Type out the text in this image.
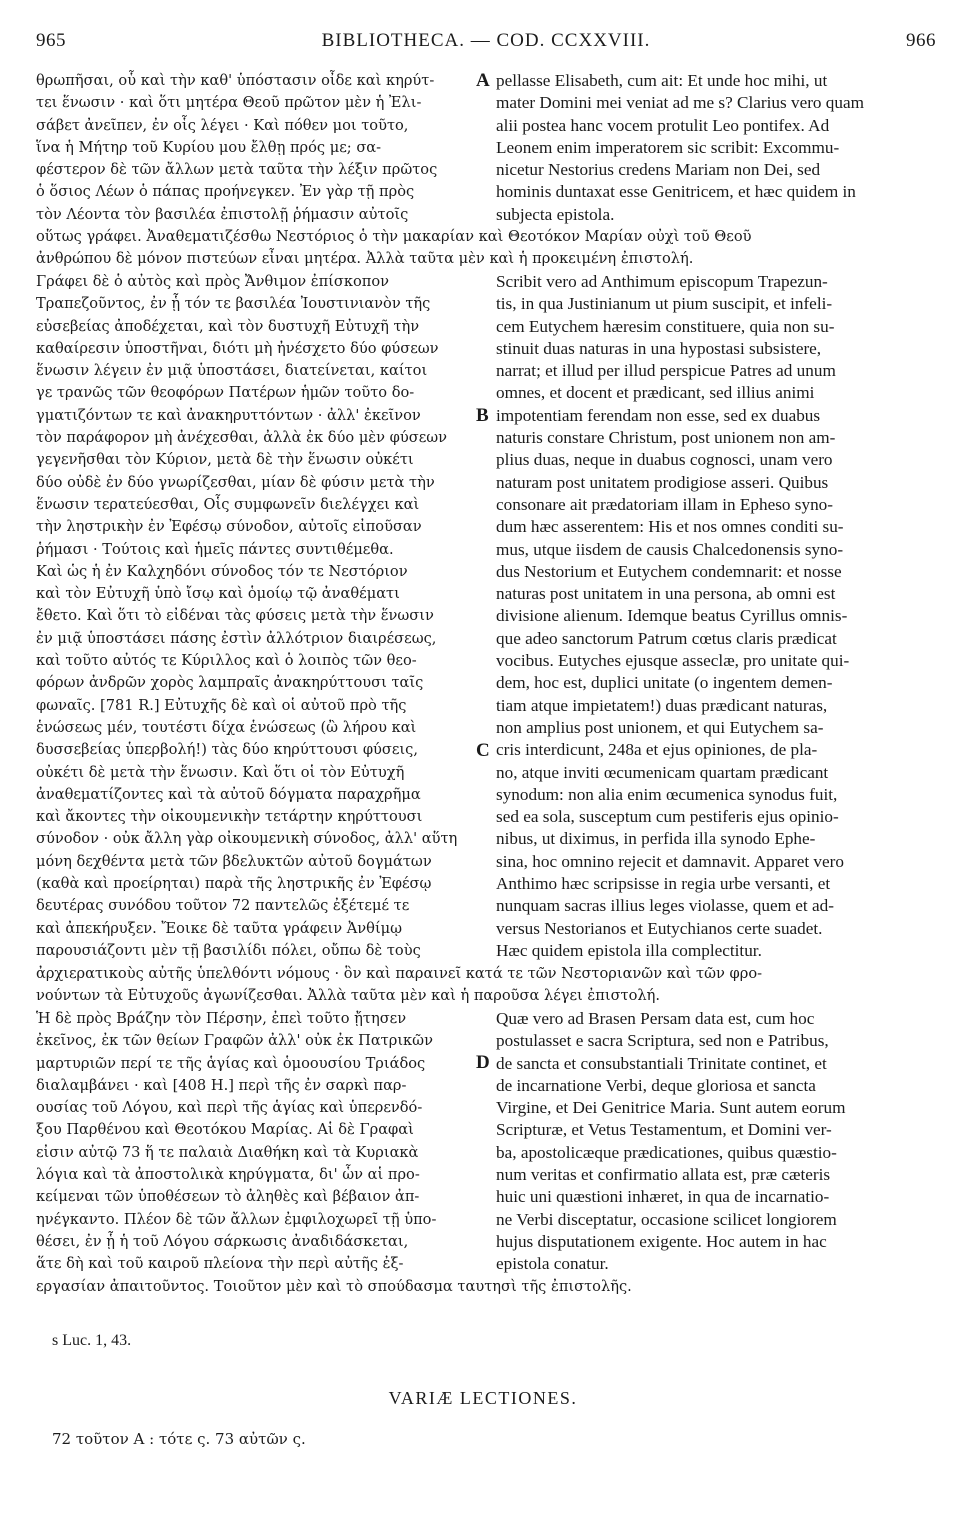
965	BIBLIOTHECA. — COD. CCXXVIII.	966
θρωπῆσαι, οὗ καὶ τὴν καθ' ὑπόστασιν οἶδε καὶ κηρύτ-
τει ἕνωσιν · καὶ ὅτι μητέρα Θεοῦ πρῶτον μὲν ἡ Ἐλι-
σάβετ ἀνεῖπεν, ἐν οἷς λέγει · Καὶ πόθεν μοι τοῦτο,
ἵνα ἡ Μήτηρ τοῦ Κυρίου μου ἔλθῃ πρός με; σα-
φέστερον δὲ τῶν ἄλλων μετὰ ταῦτα τὴν λέξιν πρῶτος
ὁ ὅσιος Λέων ὁ πάπας προήνεγκεν. Ἐν γὰρ τῇ πρὸς
τὸν Λέοντα τὸν βασιλέα ἐπιστολῇ ῥήμασιν αὐτοῖς
pellasse Elisabeth, cum ait: Et unde hoc mihi, ut
mater Domini mei veniat ad me s? Clarius vero quam
alii postea hanc vocem protulit Leo pontifex. Ad
Leonem enim imperatorem sic scribit: Excommu-
nicetur Nestorius credens Mariam non Dei, sed
hominis duntaxat esse Genitricem, et hæc quidem in
subjecta epistola.
A
οὕτως γράφει. Ἀναθεματιζέσθω Νεστόριος ὁ τὴν μακαρίαν καὶ Θεοτόκον Μαρίαν οὐχὶ τοῦ Θεοῦ
ἀνθρώπου δὲ μόνον πιστεύων εἶναι μητέρα. Ἀλλὰ ταῦτα μὲν καὶ ἡ προκειμένη ἐπιστολή.
Γράφει δὲ ὁ αὐτὸς καὶ πρὸς Ἄνθιμον ἐπίσκοπον
Τραπεζοῦντος, ἐν ᾗ τόν τε βασιλέα Ἰουστινιανὸν τῆς
εὐσεβείας ἀποδέχεται, καὶ τὸν δυστυχῆ Εὐτυχῆ τὴν
καθαίρεσιν ὑποστῆναι, διότι μὴ ἠνέσχετο δύο φύσεων
ἕνωσιν λέγειν ἐν μιᾷ ὑποστάσει, διατείνεται, καίτοι
γε τρανῶς τῶν θεοφόρων Πατέρων ἡμῶν τοῦτο δο-
γματιζόντων τε καὶ ἀνακηρυττόντων · ἀλλ' ἐκεῖνον
τὸν παράφορον μὴ ἀνέχεσθαι, ἀλλὰ ἐκ δύο μὲν φύσεων
γεγενῆσθαι τὸν Κύριον, μετὰ δὲ τὴν ἕνωσιν οὐκέτι
δύο οὐδὲ ἐν δύο γνωρίζεσθαι, μίαν δὲ φύσιν μετὰ τὴν
ἕνωσιν τερατεύεσθαι, Οἷς συμφωνεῖν διελέγχει καὶ
τὴν ληστρικὴν ἐν Ἐφέσῳ σύνοδον, αὐτοῖς εἰποῦσαν
ῥήμασι · Τούτοις καὶ ἡμεῖς πάντες συντιθέμεθα.
Καὶ ὡς ἡ ἐν Καλχηδόνι σύνοδος τόν τε Νεστόριον
καὶ τὸν Εὐτυχῆ ὑπὸ ἴσῳ καὶ ὁμοίῳ τῷ ἀναθέματι
ἔθετο. Καὶ ὅτι τὸ εἰδέναι τὰς φύσεις μετὰ τὴν ἕνωσιν
ἐν μιᾷ ὑποστάσει πάσης ἐστὶν ἀλλότριον διαιρέσεως,
καὶ τοῦτο αὐτός τε Κύριλλος καὶ ὁ λοιπὸς τῶν θεο-
φόρων ἀνδρῶν χορὸς λαμπραῖς ἀνακηρύττουσι ταῖς
φωναῖς. [781 R.] Εὐτυχῆς δὲ καὶ οἱ αὐτοῦ πρὸ τῆς
ἑνώσεως μέν, τουτέστι δίχα ἑνώσεως (ὢ λήρου καὶ
δυσσεβείας ὑπερβολή!) τὰς δύο κηρύττουσι φύσεις,
οὐκέτι δὲ μετὰ τὴν ἕνωσιν. Καὶ ὅτι οἱ τὸν Εὐτυχῆ
ἀναθεματίζοντες καὶ τὰ αὐτοῦ δόγματα παραχρῆμα
καὶ ἄκοντες τὴν οἰκουμενικὴν τετάρτην κηρύττουσι
σύνοδον · οὐκ ἄλλη γὰρ οἰκουμενικὴ σύνοδος, ἀλλ' αὕτη
μόνη δεχθέντα μετὰ τῶν βδελυκτῶν αὐτοῦ δογμάτων
(καθὰ καὶ προείρηται) παρὰ τῆς ληστρικῆς ἐν Ἐφέσῳ
δευτέρας συνόδου τοῦτον 72 παντελῶς ἐξέτεμέ τε
καὶ ἀπεκήρυξεν. Ἔοικε δὲ ταῦτα γράφειν Ἀνθίμῳ
παρουσιάζοντι μὲν τῇ βασιλίδι πόλει, οὔπω δὲ τοὺς
Scribit vero ad Anthimum episcopum Trapezun-
tis, in qua Justinianum ut pium suscipit, et infeli-
cem Eutychem hæresim constituere, quia non su-
stinuit duas naturas in una hypostasi subsistere,
narrat; et illud per illud perspicue Patres ad unum
omnes, et docent et prædicant, sed illius animi
impotentiam ferendam non esse, sed ex duabus
naturis constare Christum, post unionem non am-
plius duas, neque in duabus cognosci, unam vero
naturam post unitatem prodigiose asseri. Quibus
consonare ait prædatoriam illam in Epheso syno-
dum hæc asserentem: His et nos omnes conditi su-
mus, utque iisdem de causis Chalcedonensis syno-
dus Nestorium et Eutychem condemnarit: et nosse
naturas post unitatem in una persona, ab omni est
divisione alienum. Idemque beatus Cyrillus omnis-
que adeo sanctorum Patrum cœtus claris prædicat
vocibus. Eutyches ejusque asseclæ, pro unitate qui-
dem, hoc est, duplici unitate (o ingentem demen-
tiam atque impietatem!) duas prædicant naturas,
non amplius post unionem, et qui Eutychem sa-
cris interdicunt, 248a et ejus opiniones, de pla-
no, atque inviti œcumenicam quartam prædicant
synodum: non alia enim œcumenica synodus fuit,
sed ea sola, susceptum cum pestiferis ejus opinio-
nibus, ut diximus, in perfida illa synodo Ephe-
sina, hoc omnino rejecit et damnavit. Apparet vero
Anthimo hæc scripsisse in regia urbe versanti, et
nunquam sacras illius leges violasse, quem et ad-
versus Nestorianos et Eutychianos certe suadet.
Hæc quidem epistola illa complectitur.
B
C
ἀρχιερατικοὺς αὐτῆς ὑπελθόντι νόμους · ὃν καὶ παραινεῖ κατά τε τῶν Νεστοριανῶν καὶ τῶν φρο-
νούντων τὰ Εὐτυχοῦς ἀγωνίζεσθαι. Ἀλλὰ ταῦτα μὲν καὶ ἡ παροῦσα λέγει ἐπιστολή.
Ἡ δὲ πρὸς Βράζην τὸν Πέρσην, ἐπεὶ τοῦτο ᾔτησεν
ἐκεῖνος, ἐκ τῶν θείων Γραφῶν ἀλλ' οὐκ ἐκ Πατρικῶν
μαρτυριῶν περί τε τῆς ἁγίας καὶ ὁμοουσίου Τριάδος
διαλαμβάνει · καὶ [408 H.] περὶ τῆς ἐν σαρκὶ παρ-
ουσίας τοῦ Λόγου, καὶ περὶ τῆς ἁγίας καὶ ὑπερενδό-
ξου Παρθένου καὶ Θεοτόκου Μαρίας. Αἱ δὲ Γραφαὶ
εἰσιν αὐτῷ 73 ἥ τε παλαιὰ Διαθήκη καὶ τὰ Κυριακὰ
λόγια καὶ τὰ ἀποστολικὰ κηρύγματα, δι' ὧν αἱ προ-
κείμεναι τῶν ὑποθέσεων τὸ ἀληθὲς καὶ βέβαιον ἀπ-
ηνέγκαντο. Πλέον δὲ τῶν ἄλλων ἐμφιλοχωρεῖ τῇ ὑπο-
θέσει, ἐν ᾗ ἡ τοῦ Λόγου σάρκωσις ἀναδιδάσκεται,
ἅτε δὴ καὶ τοῦ καιροῦ πλείονα τὴν περὶ αὐτῆς ἐξ-
Quæ vero ad Brasen Persam data est, cum hoc
postulasset e sacra Scriptura, sed non e Patribus,
de sancta et consubstantiali Trinitate continet, et
de incarnatione Verbi, deque gloriosa et sancta
Virgine, et Dei Genitrice Maria. Sunt autem eorum
Scripturæ, et Vetus Testamentum, et Domini ver-
ba, apostolicæque prædicationes, quibus quæstio-
num veritas et confirmatio allata est, præ cæteris
huic uni quæstioni inhæret, in qua de incarnatio-
ne Verbi disceptatur, occasione scilicet longiorem
hujus disputationem exigente. Hoc autem in hac
epistola conatur.
D
εργασίαν ἀπαιτοῦντος. Τοιοῦτον μὲν καὶ τὸ σπούδασμα ταυτησὶ τῆς ἐπιστολῆς.
s Luc. 1, 43.
VARIÆ LECTIONES.
72 τοῦτον A : τότε ς. 73 αὐτῶν ς.
